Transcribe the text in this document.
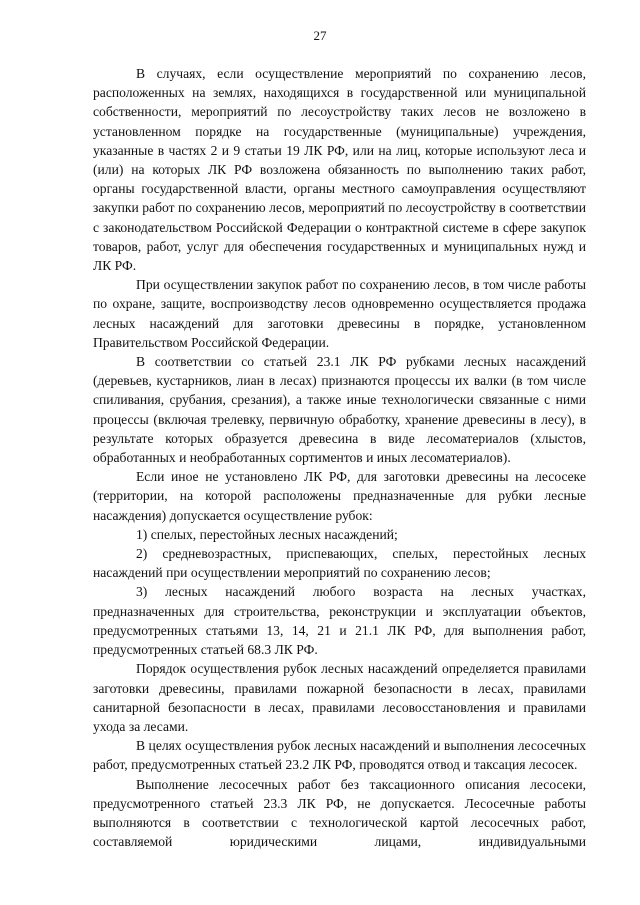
27

В случаях, если осуществление мероприятий по сохранению лесов, расположенных на землях, находящихся в государственной или муниципальной собственности, мероприятий по лесоустройству таких лесов не возложено в установленном порядке на государственные (муниципальные) учреждения, указанные в частях 2 и 9 статьи 19 ЛК РФ, или на лиц, которые используют леса и (или) на которых ЛК РФ возложена обязанность по выполнению таких работ, органы государственной власти, органы местного самоуправления осуществляют закупки работ по сохранению лесов, мероприятий по лесоустройству в соответствии с законодательством Российской Федерации о контрактной системе в сфере закупок товаров, работ, услуг для обеспечения государственных и муниципальных нужд и ЛК РФ.

При осуществлении закупок работ по сохранению лесов, в том числе работы по охране, защите, воспроизводству лесов одновременно осуществляется продажа лесных насаждений для заготовки древесины в порядке, установленном Правительством Российской Федерации.

В соответствии со статьей 23.1 ЛК РФ рубками лесных насаждений (деревьев, кустарников, лиан в лесах) признаются процессы их валки (в том числе спиливания, срубания, срезания), а также иные технологически связанные с ними процессы (включая трелевку, первичную обработку, хранение древесины в лесу), в результате которых образуется древесина в виде лесоматериалов (хлыстов, обработанных и необработанных сортиментов и иных лесоматериалов).

Если иное не установлено ЛК РФ, для заготовки древесины на лесосеке (территории, на которой расположены предназначенные для рубки лесные насаждения) допускается осуществление рубок:

1) спелых, перестойных лесных насаждений;

2) средневозрастных, приспевающих, спелых, перестойных лесных насаждений при осуществлении мероприятий по сохранению лесов;

3) лесных насаждений любого возраста на лесных участках, предназначенных для строительства, реконструкции и эксплуатации объектов, предусмотренных статьями 13, 14, 21 и 21.1 ЛК РФ, для выполнения работ, предусмотренных статьей 68.3 ЛК РФ.

Порядок осуществления рубок лесных насаждений определяется правилами заготовки древесины, правилами пожарной безопасности в лесах, правилами санитарной безопасности в лесах, правилами лесовосстановления и правилами ухода за лесами.

В целях осуществления рубок лесных насаждений и выполнения лесосечных работ, предусмотренных статьей 23.2 ЛК РФ, проводятся отвод и таксация лесосек.

Выполнение лесосечных работ без таксационного описания лесосеки, предусмотренного статьей 23.3 ЛК РФ, не допускается. Лесосечные работы выполняются в соответствии с технологической картой лесосечных работ, составляемой юридическими лицами, индивидуальными
